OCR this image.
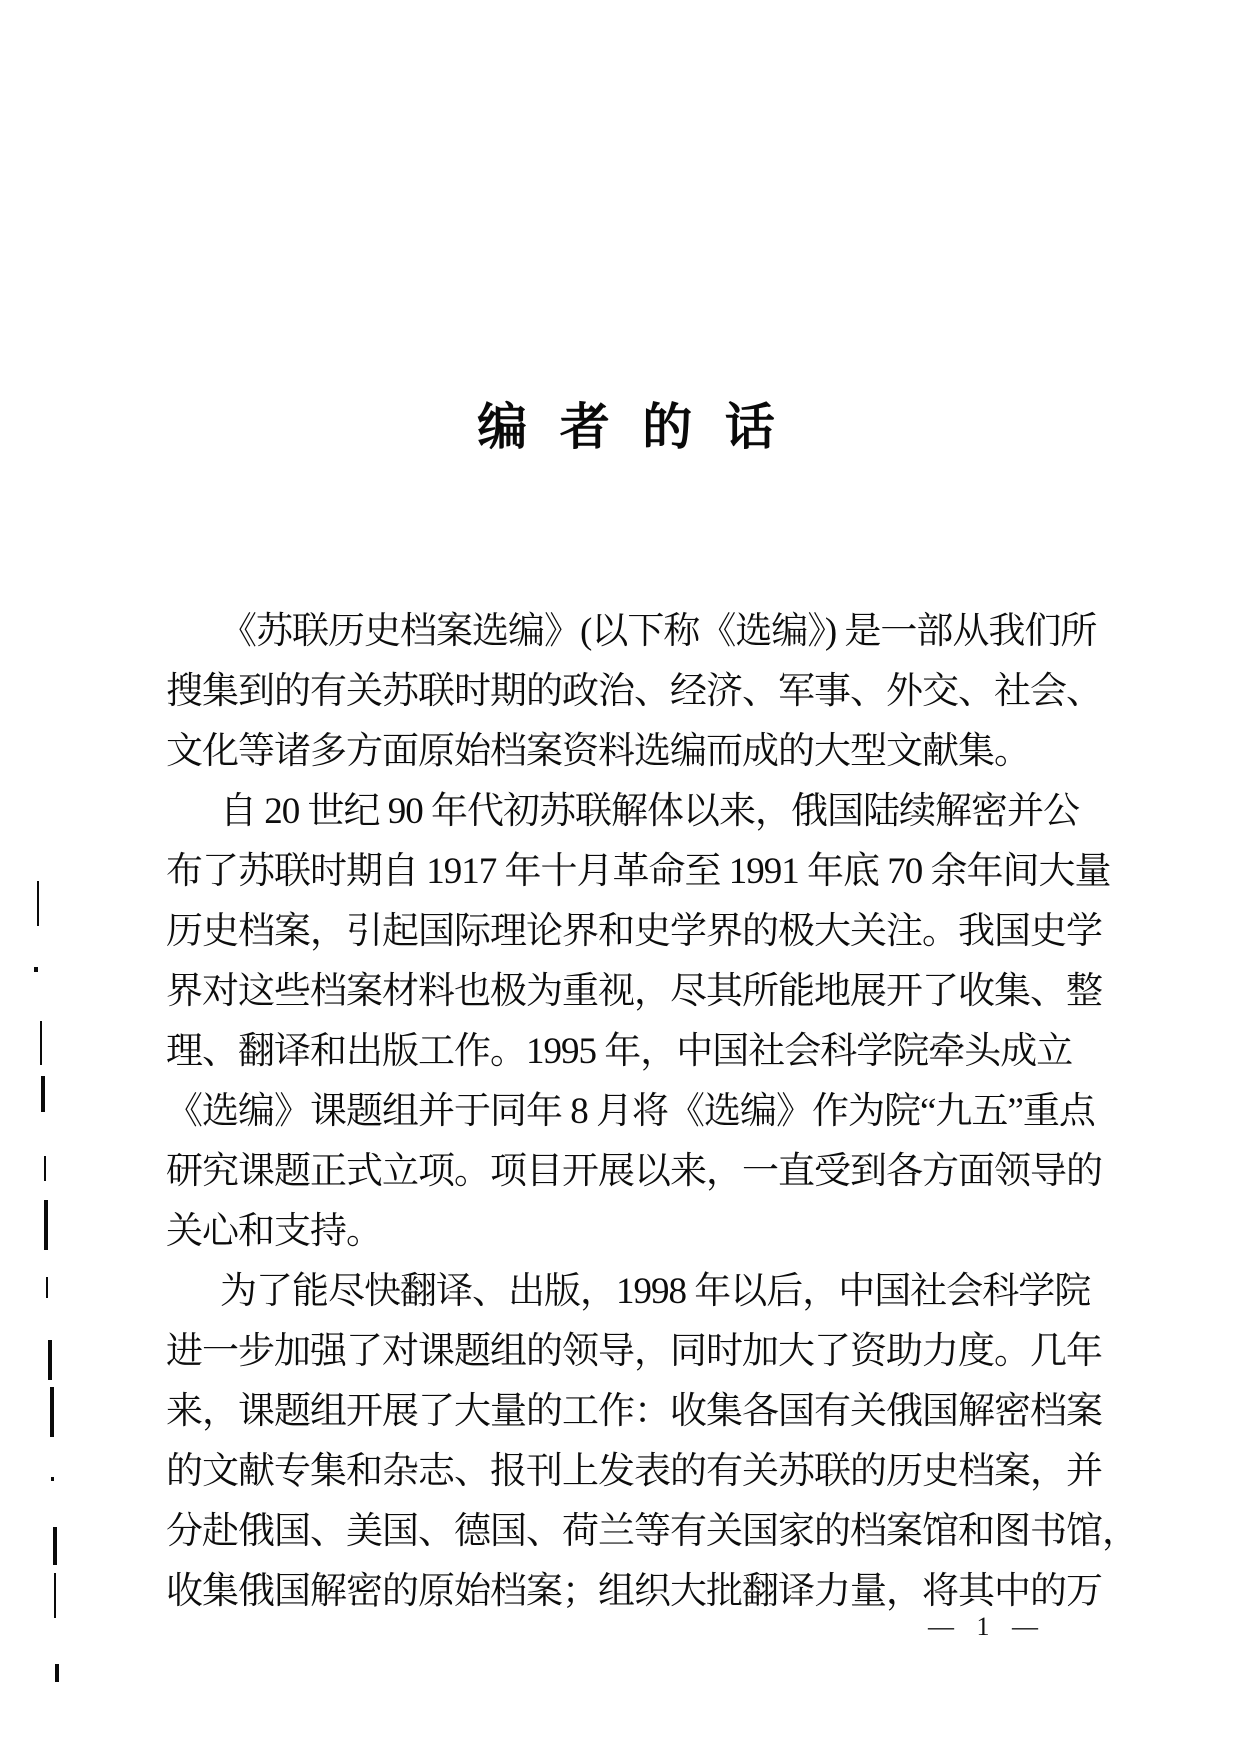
编 者 的 话
《苏联历史档案选编》(以下称《选编》) 是一部从我们所
搜集到的有关苏联时期的政治、经济、军事、外交、社会、
文化等诸多方面原始档案资料选编而成的大型文献集。
自 20 世纪 90 年代初苏联解体以来，俄国陆续解密并公
布了苏联时期自 1917 年十月革命至 1991 年底 70 余年间大量
历史档案，引起国际理论界和史学界的极大关注。我国史学
界对这些档案材料也极为重视，尽其所能地展开了收集、整
理、翻译和出版工作。1995 年，中国社会科学院牵头成立
《选编》课题组并于同年 8 月将《选编》作为院“九五”重点
研究课题正式立项。项目开展以来，一直受到各方面领导的
关心和支持。
为了能尽快翻译、出版，1998 年以后，中国社会科学院
进一步加强了对课题组的领导，同时加大了资助力度。几年
来，课题组开展了大量的工作：收集各国有关俄国解密档案
的文献专集和杂志、报刊上发表的有关苏联的历史档案，并
分赴俄国、美国、德国、荷兰等有关国家的档案馆和图书馆，
收集俄国解密的原始档案；组织大批翻译力量，将其中的万
— 1 —
